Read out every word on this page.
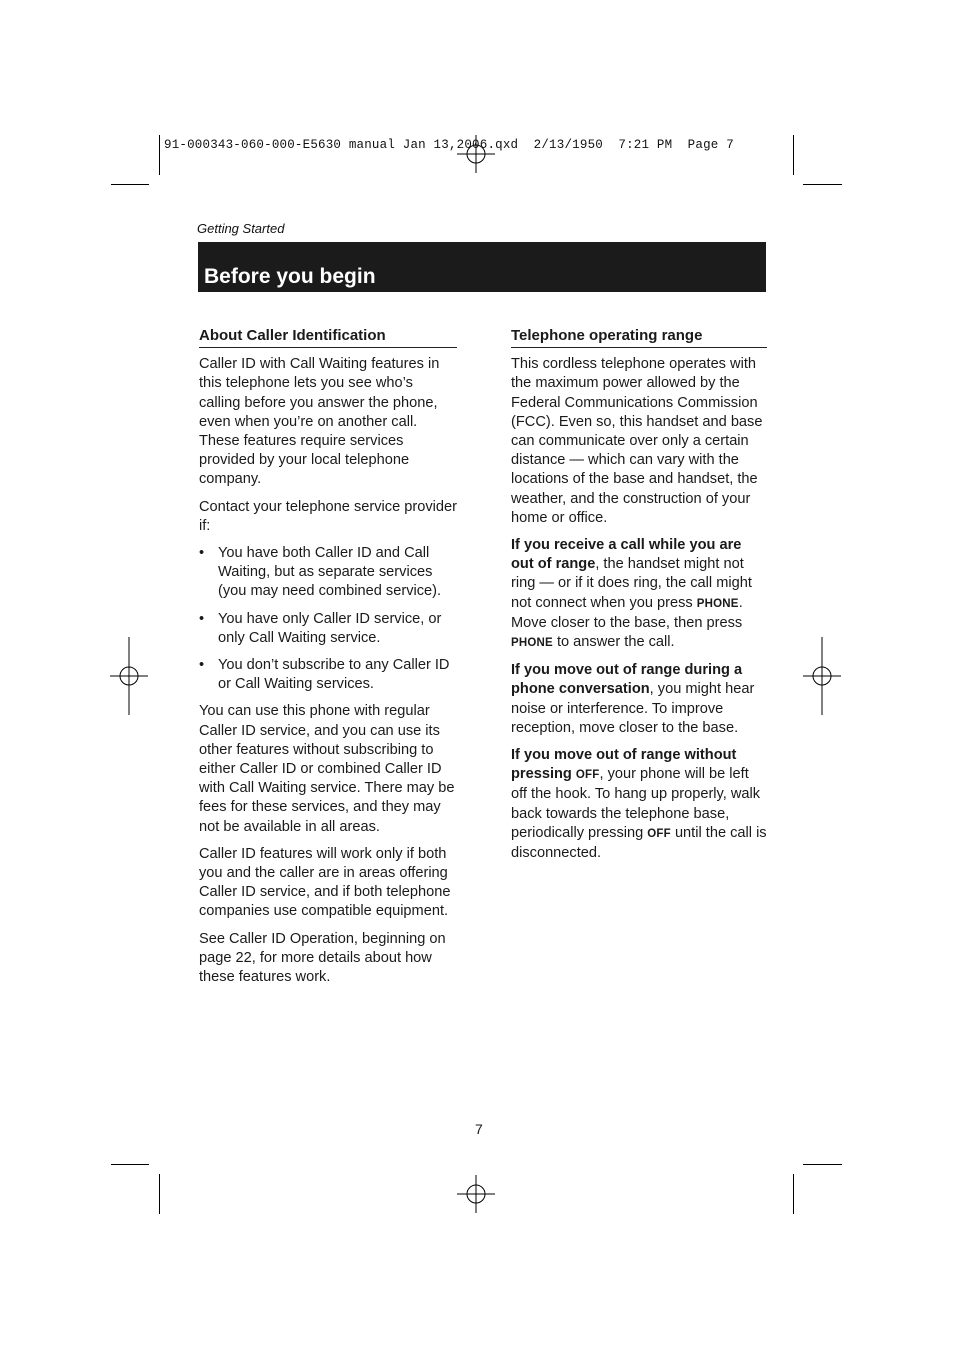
91-000343-060-000-E5630 manual Jan 13,2006.qxd  2/13/1950  7:21 PM  Page 7
Getting Started
Before you begin
About Caller Identification

Caller ID with Call Waiting features in this telephone lets you see who’s calling before you answer the phone, even when you’re on another call. These features require services provided by your local telephone company.

Contact your telephone service provider if:

• You have both Caller ID and Call Waiting, but as separate services (you may need combined service).
• You have only Caller ID service, or only Call Waiting service.
• You don’t subscribe to any Caller ID or Call Waiting services.

You can use this phone with regular Caller ID service, and you can use its other features without subscribing to either Caller ID or combined Caller ID with Call Waiting service. There may be fees for these services, and they may not be available in all areas.

Caller ID features will work only if both you and the caller are in areas offering Caller ID service, and if both telephone companies use compatible equipment.

See Caller ID Operation, beginning on page 22, for more details about how these features work.

Telephone operating range

This cordless telephone operates with the maximum power allowed by the Federal Communications Commission (FCC). Even so, this handset and base can communicate over only a certain distance — which can vary with the locations of the base and handset, the weather, and the construction of your home or office.

If you receive a call while you are out of range, the handset might not ring — or if it does ring, the call might not connect when you press PHONE. Move closer to the base, then press PHONE to answer the call.

If you move out of range during a phone conversation, you might hear noise or interference. To improve reception, move closer to the base.

If you move out of range without pressing OFF, your phone will be left off the hook. To hang up properly, walk back towards the telephone base, periodically pressing OFF until the call is disconnected.

7
